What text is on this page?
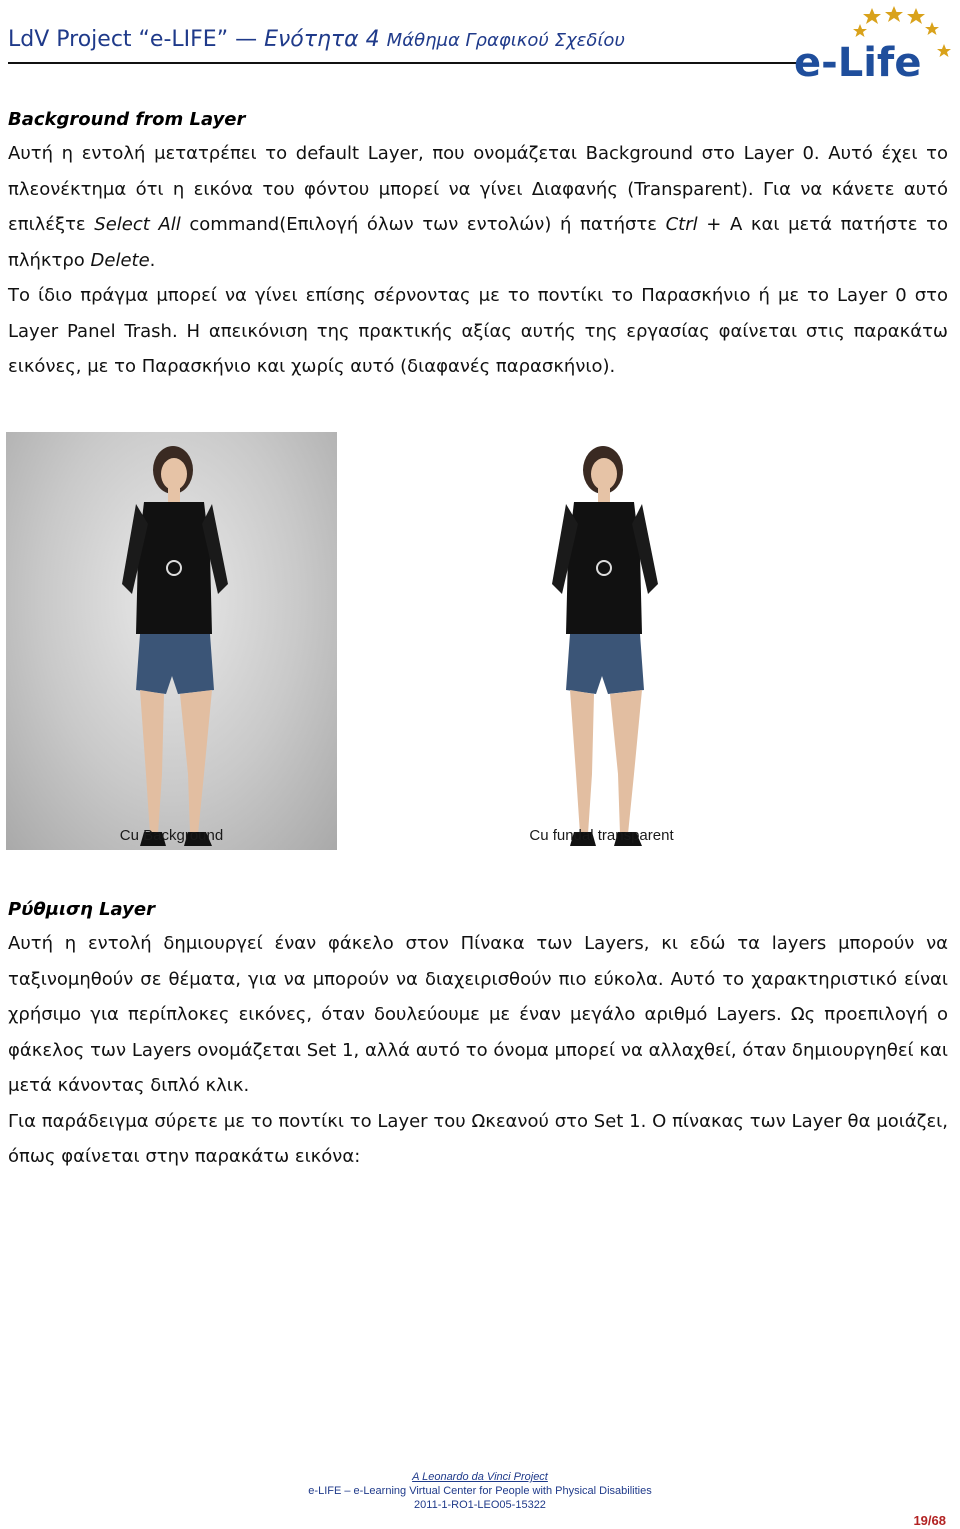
LdV Project “e-LIFE” — Ενότητα 4 Μάθημα Γραφικού Σχεδίου	e-Life
Background from Layer

Αυτή η εντολή μετατρέπει το default Layer, που ονομάζεται Background στο Layer 0. Αυτό έχει το πλεονέκτημα ότι η εικόνα του φόντου μπορεί να γίνει Διαφανής (Transparent). Για να κάνετε αυτό επιλέξτε Select All command(Επιλογή όλων των εντολών) ή πατήστε Ctrl + A και μετά πατήστε το πλήκτρο Delete.

Το ίδιο πράγμα μπορεί να γίνει επίσης σέρνοντας με το ποντίκι το Παρασκήνιο ή με το Layer 0 στο Layer Panel Trash. Η απεικόνιση της πρακτικής αξίας αυτής της εργασίας φαίνεται στις παρακάτω εικόνες, με το Παρασκήνιο και χωρίς αυτό (διαφανές παρασκήνιο).

Cu Background	Cu fundal transparent
Ρύθμιση Layer

Αυτή η εντολή δημιουργεί έναν φάκελο στον Πίνακα των Layers, κι εδώ τα layers μπορούν να ταξινομηθούν σε θέματα, για να μπορούν να διαχειρισθούν πιο εύκολα. Αυτό το χαρακτηριστικό είναι χρήσιμο για περίπλοκες εικόνες, όταν δουλεύουμε με έναν μεγάλο αριθμό Layers. Ως προεπιλογή ο φάκελος των Layers ονομάζεται Set 1, αλλά αυτό το όνομα μπορεί να αλλαχθεί, όταν δημιουργηθεί και μετά κάνοντας διπλό κλικ.

Για παράδειγμα σύρετε με το ποντίκι το Layer του Ωκεανού στο Set 1. Ο πίνακας των Layer θα μοιάζει, όπως φαίνεται στην παρακάτω εικόνα:

A Leonardo da Vinci Project
e-LIFE – e-Learning Virtual Center for People with Physical Disabilities
2011-1-RO1-LEO05-15322
19/68
